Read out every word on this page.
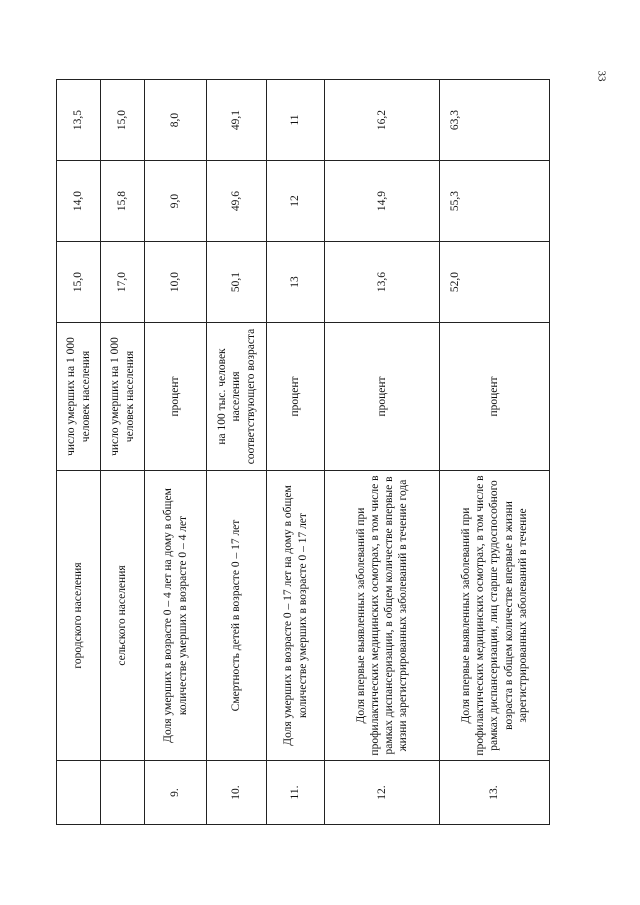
33
	городского населения	число умерших на 1 000 человек населения	15,0	14,0	13,5
	сельского населения	число умерших на 1 000 человек населения	17,0	15,8	15,0
9.	Доля умерших в возрасте 0 – 4 лет на дому в общем количестве умерших в возрасте 0 – 4 лет	процент	10,0	9,0	8,0
10.	Смертность детей в возрасте 0 – 17 лет	на 100 тыс. человек населения соответствующего возраста	50,1	49,6	49,1
11.	Доля умерших в возрасте 0 – 17 лет на дому в общем количестве умерших в возрасте 0 – 17 лет	процент	13	12	11
12.	Доля впервые выявленных заболеваний при профилактических медицинских осмотрах, в том числе в рамках диспансеризации, в общем количестве впервые в жизни зарегистрированных заболеваний в течение года	процент	13,6	14,9	16,2
13.	Доля впервые выявленных заболеваний при профилактических медицинских осмотрах, в том числе в рамках диспансеризации, лиц старше трудоспособного возраста в общем количестве впервые в жизни зарегистрированных заболеваний в течение	процент	52,0	55,3	63,3
